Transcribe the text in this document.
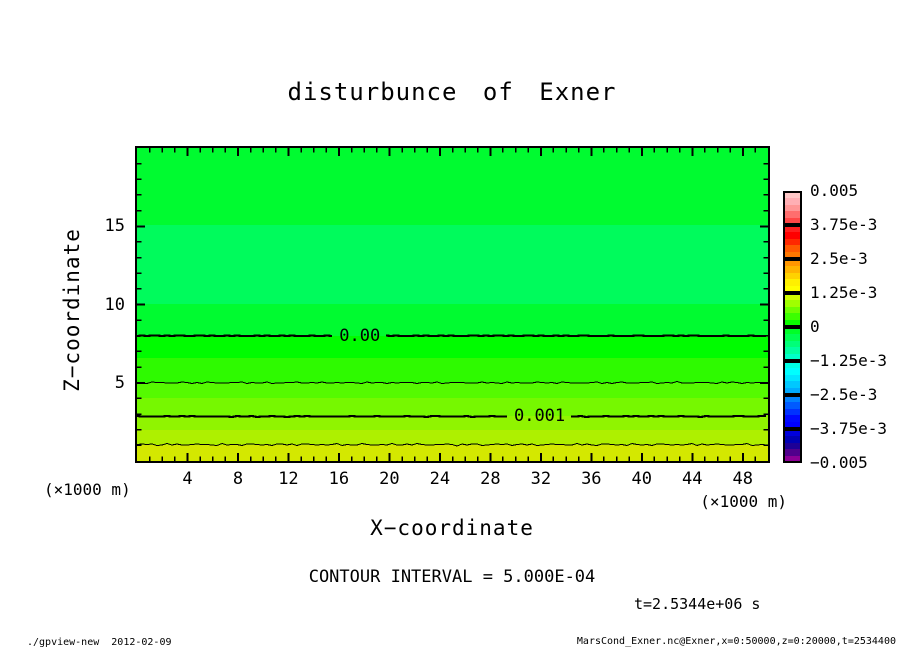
disturbunce of Exner
Z−coordinate	0.00
0.001
(×1000 m)
(×1000 m)
X−coordinate
CONTOUR INTERVAL = 5.000E-04
t=2.5344e+06 s
./gpview-new  2012-02-09	MarsCond_Exner.nc@Exner,x=0:50000,z=0:20000,t=2534400
4	8	12	16	20	24	28	32	36	40	44	48
5
10
15
0.005
3.75e-3
2.5e-3
1.25e-3
0
−1.25e-3
−2.5e-3
−3.75e-3
−0.005
